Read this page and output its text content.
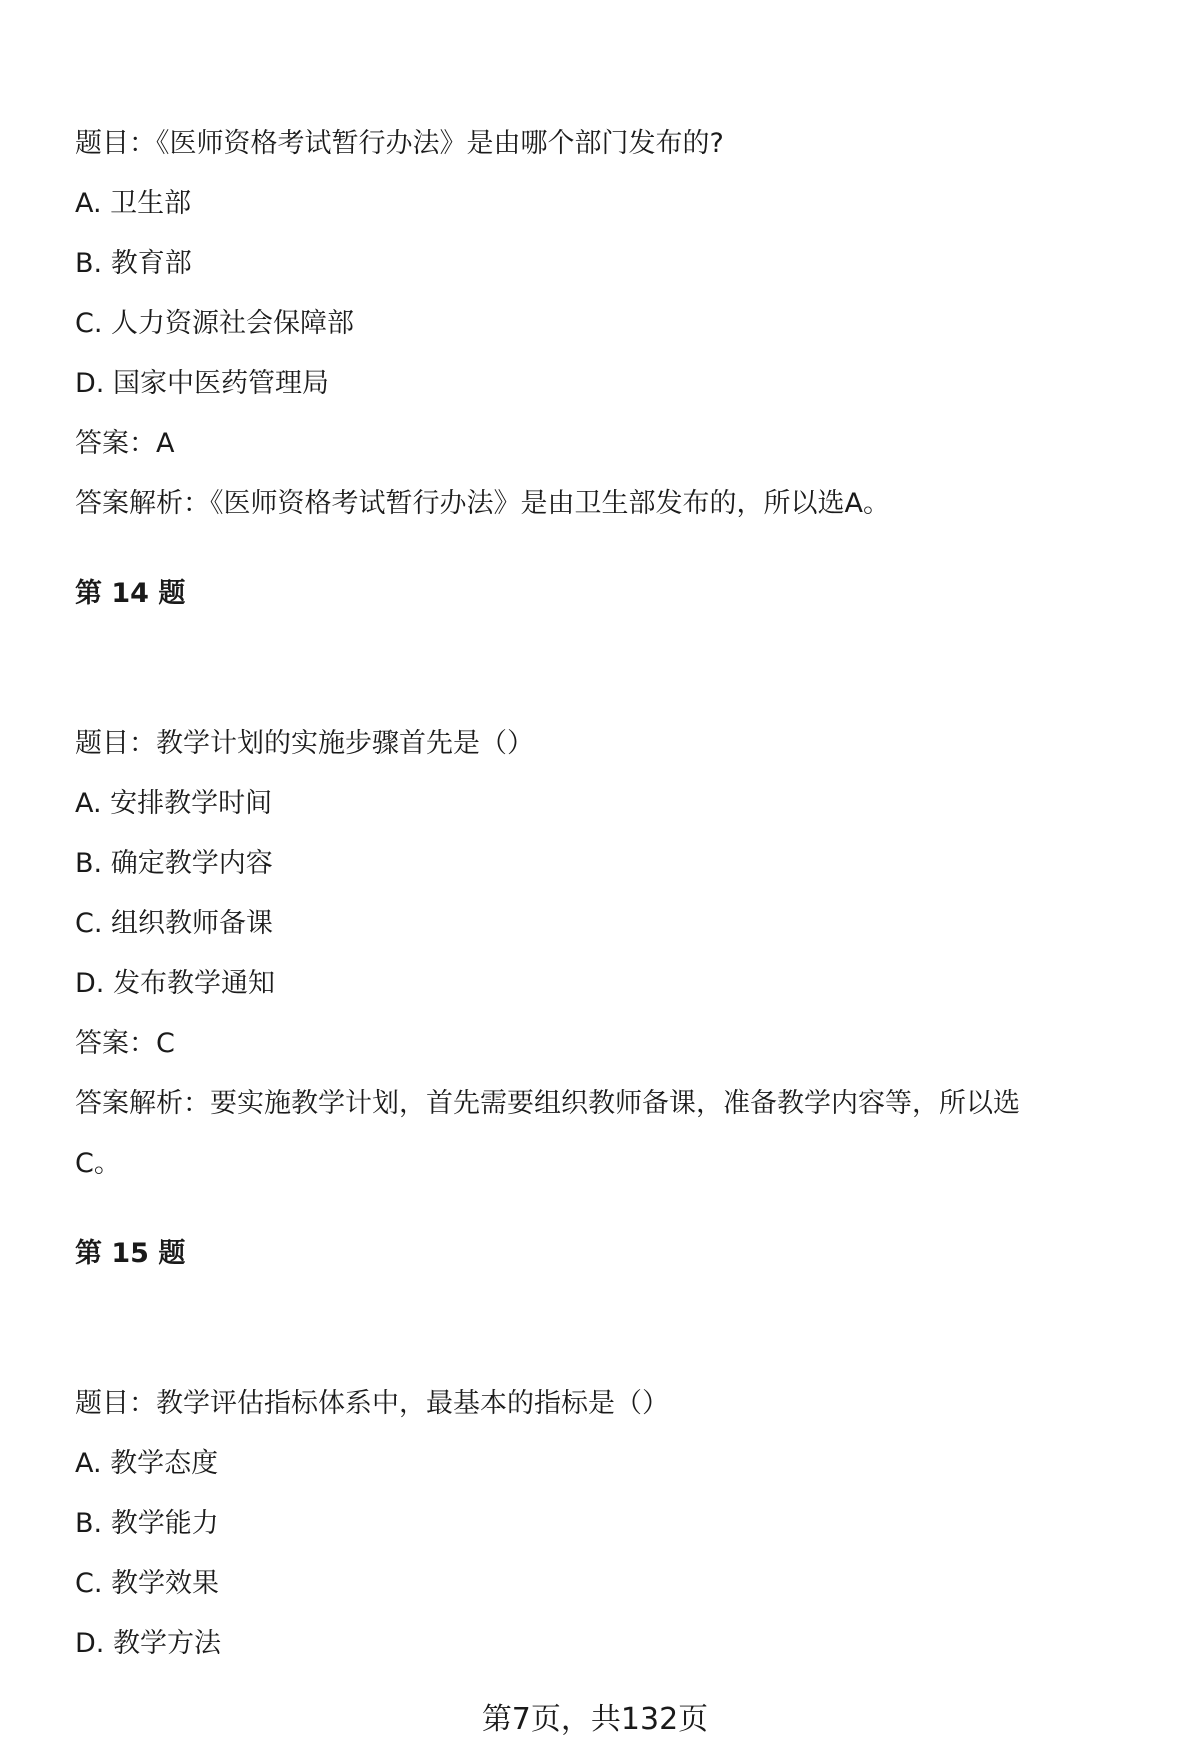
题目：《医师资格考试暂行办法》是由哪个部门发布的?
A. 卫生部
B. 教育部
C. 人力资源社会保障部
D. 国家中医药管理局
答案：A
答案解析：《医师资格考试暂行办法》是由卫生部发布的，所以选A。
第 14 题
题目：教学计划的实施步骤首先是（）
A. 安排教学时间
B. 确定教学内容
C. 组织教师备课
D. 发布教学通知
答案：C
答案解析：要实施教学计划，首先需要组织教师备课，准备教学内容等，所以选
C。
第 15 题
题目：教学评估指标体系中，最基本的指标是（）
A. 教学态度
B. 教学能力
C. 教学效果
D. 教学方法
第7页，共132页
